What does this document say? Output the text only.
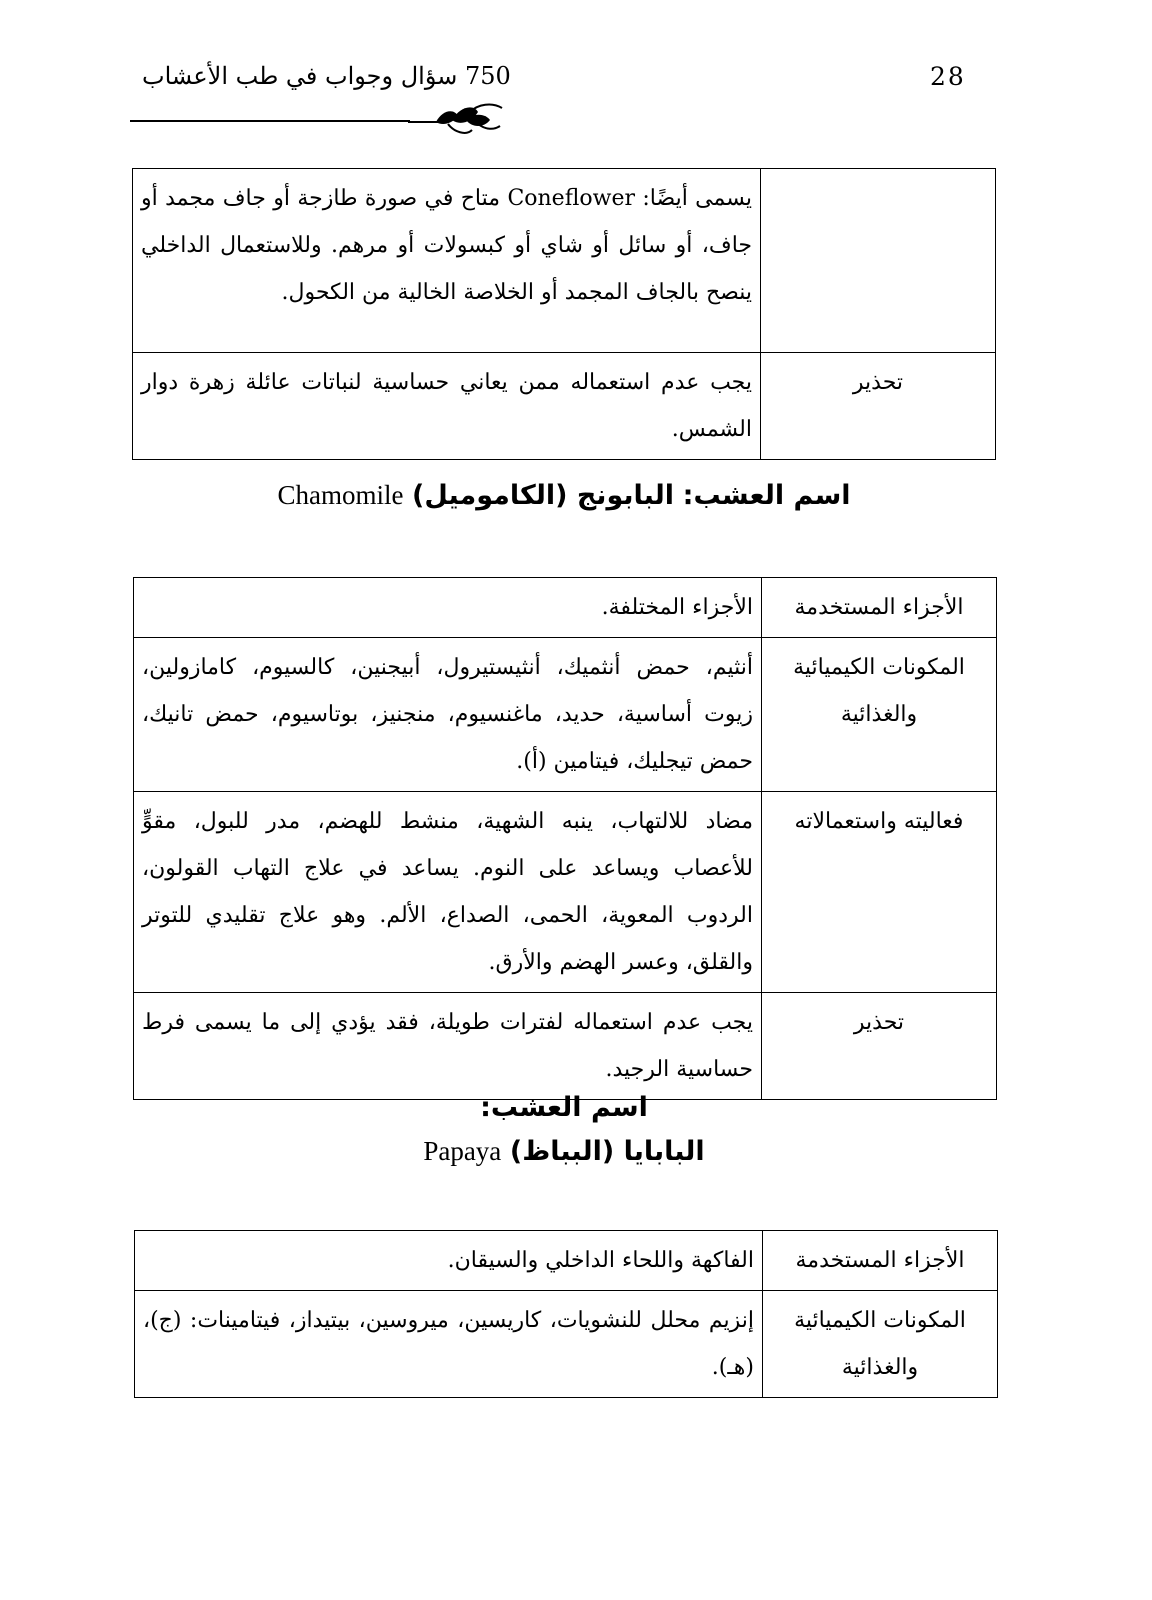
750 سؤال وجواب في طب الأعشاب	28
	يسمى أيضًا: Coneflower متاح في صورة طازجة أو جاف مجمد أو جاف، أو سائل أو شاي أو كبسولات أو مرهم. وللاستعمال الداخلي ينصح بالجاف المجمد أو الخلاصة الخالية من الكحول.
تحذير	يجب عدم استعماله ممن يعاني حساسية لنباتات عائلة زهرة دوار الشمس.
اسم العشب: البابونج (الكاموميل) Chamomile
الأجزاء المستخدمة	الأجزاء المختلفة.
المكونات الكيميائية والغذائية	أنثيم، حمض أنثميك، أنثيستيرول، أبيجنين، كالسيوم، كامازولين، زيوت أساسية، حديد، ماغنسيوم، منجنيز، بوتاسيوم، حمض تانيك، حمض تيجليك، فيتامين (أ).
فعاليته واستعمالاته	مضاد للالتهاب، ينبه الشهية، منشط للهضم، مدر للبول، مقوٍّ للأعصاب ويساعد على النوم. يساعد في علاج التهاب القولون، الردوب المعوية، الحمى، الصداع، الألم. وهو علاج تقليدي للتوتر والقلق، وعسر الهضم والأرق.
تحذير	يجب عدم استعماله لفترات طويلة، فقد يؤدي إلى ما يسمى فرط حساسية الرجيد.
اسم العشب:
البابايا (البباظ) Papaya
الأجزاء المستخدمة	الفاكهة واللحاء الداخلي والسيقان.
المكونات الكيميائية والغذائية	إنزيم محلل للنشويات، كاريسين، ميروسين، بيتيداز، فيتامينات: (ج)، (هـ).
